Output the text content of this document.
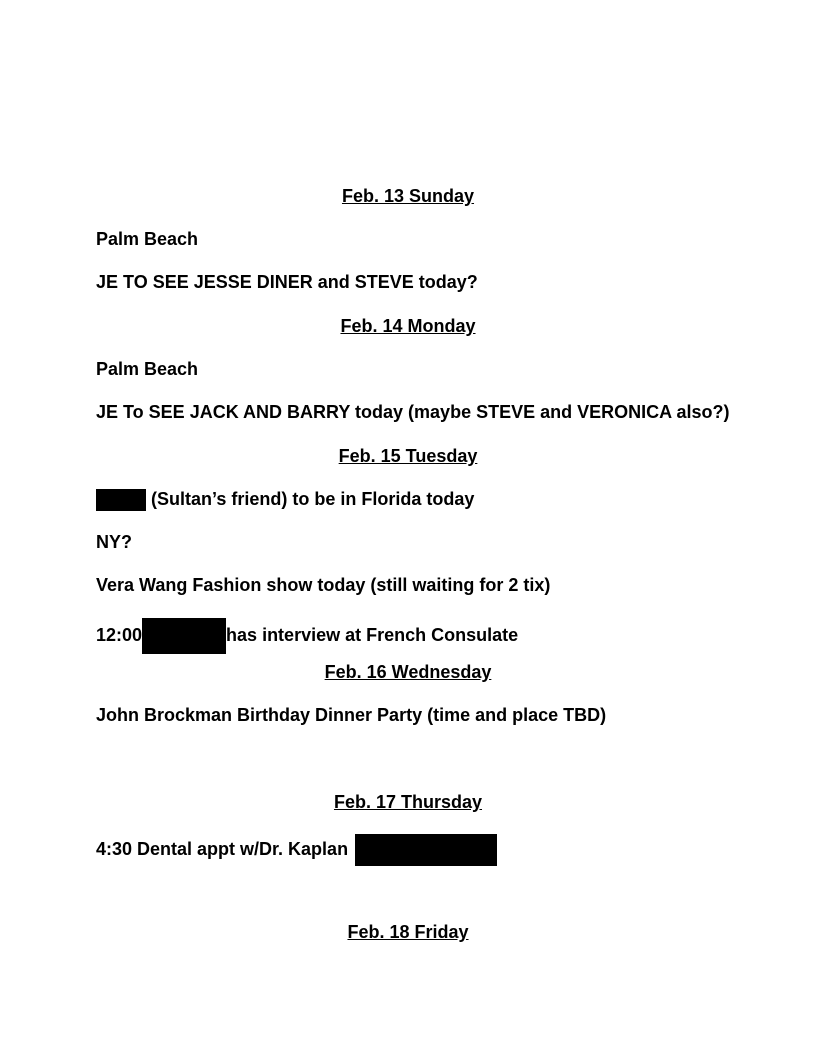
Feb. 13 Sunday
Palm Beach
JE TO SEE JESSE DINER and STEVE today?
Feb. 14 Monday
Palm Beach
JE To SEE JACK AND BARRY today (maybe STEVE and VERONICA also?)
Feb. 15 Tuesday
(Sultan’s friend) to be in Florida today
NY?
Vera Wang Fashion show today (still waiting for 2 tix)
12:00	has interview at French Consulate
Feb. 16 Wednesday
John Brockman Birthday Dinner Party (time and place TBD)
Feb. 17 Thursday
4:30 Dental appt w/Dr. Kaplan
Feb. 18 Friday
